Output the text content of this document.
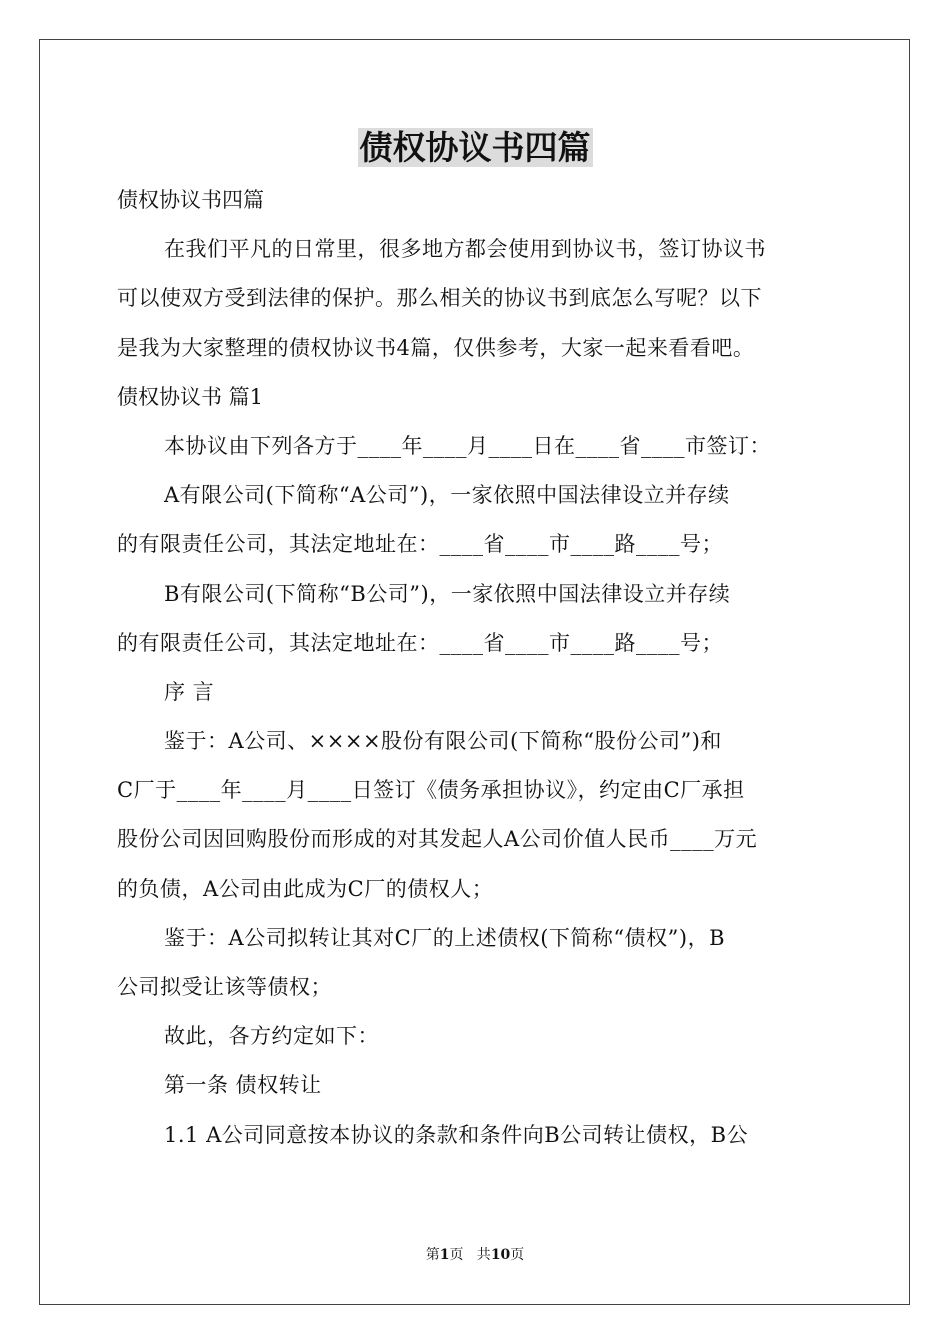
债权协议书四篇
债权协议书四篇
在我们平凡的日常里，很多地方都会使用到协议书，签订协议书
可以使双方受到法律的保护。那么相关的协议书到底怎么写呢？以下
是我为大家整理的债权协议书4篇，仅供参考，大家一起来看看吧。
债权协议书 篇1
本协议由下列各方于____年____月____日在____省____市签订：
A有限公司(下简称“A公司”)，一家依照中国法律设立并存续
的有限责任公司，其法定地址在：____省____市____路____号；
B有限公司(下简称“B公司”)，一家依照中国法律设立并存续
的有限责任公司，其法定地址在：____省____市____路____号；
序 言
鉴于：A公司、××××股份有限公司(下简称“股份公司”)和
C厂于____年____月____日签订《债务承担协议》，约定由C厂承担
股份公司因回购股份而形成的对其发起人A公司价值人民币____万元
的负债，A公司由此成为C厂的债权人；
鉴于：A公司拟转让其对C厂的上述债权(下简称“债权”)，B
公司拟受让该等债权；
故此，各方约定如下：
第一条 债权转让
1.1 A公司同意按本协议的条款和条件向B公司转让债权，B公
第1页   共10页
